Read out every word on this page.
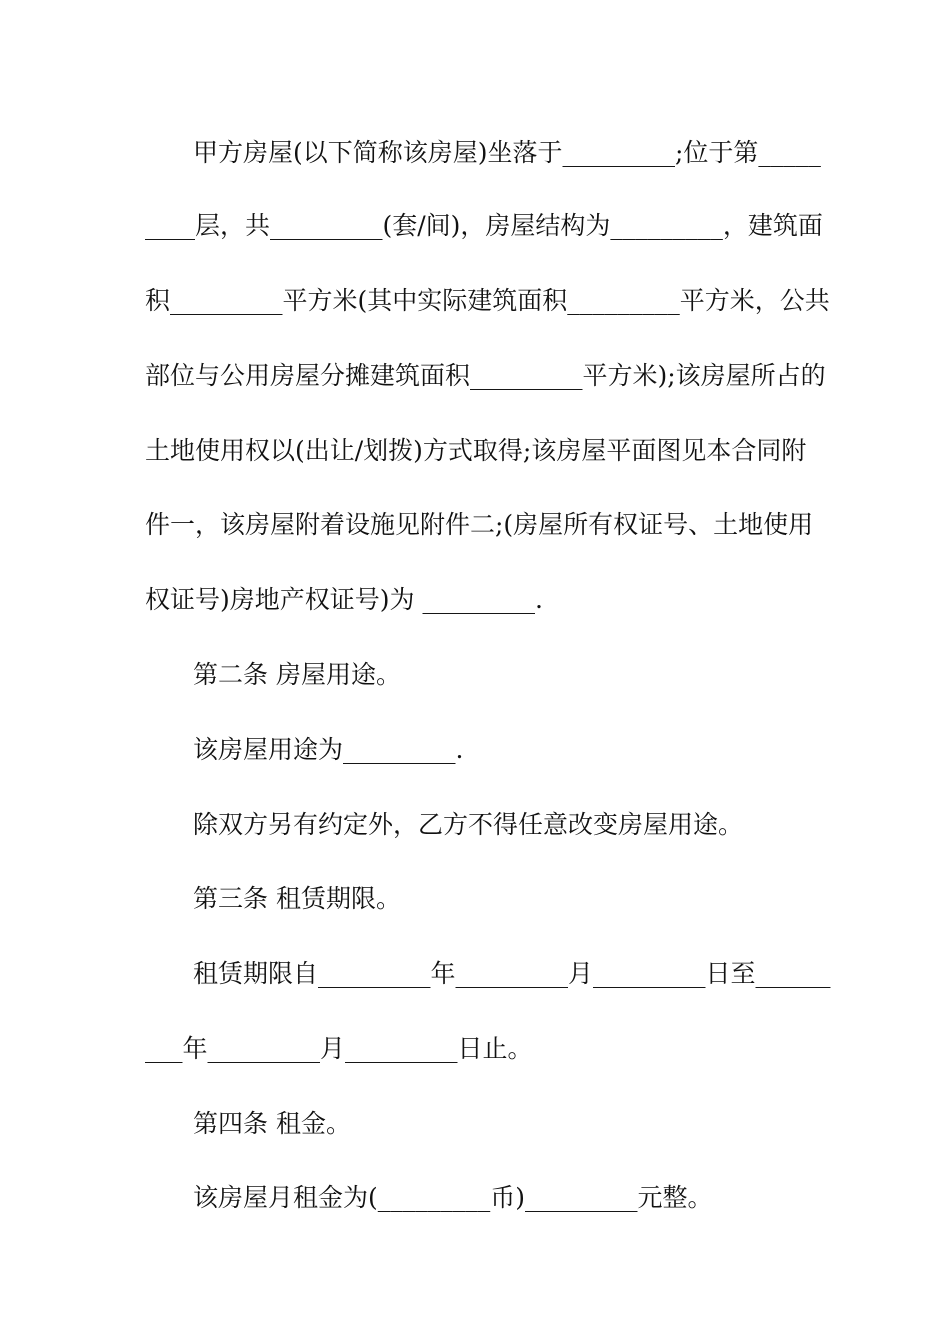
甲方房屋(以下简称该房屋)坐落于_________;位于第_____
____层，共_________(套/间)，房屋结构为_________，建筑面
积_________平方米(其中实际建筑面积_________平方米，公共
部位与公用房屋分摊建筑面积_________平方米);该房屋所占的
土地使用权以(出让/划拨)方式取得;该房屋平面图见本合同附
件一，该房屋附着设施见附件二;(房屋所有权证号、土地使用
权证号)房地产权证号)为 _________.
第二条 房屋用途。
该房屋用途为_________.
除双方另有约定外，乙方不得任意改变房屋用途。
第三条 租赁期限。
租赁期限自_________年_________月_________日至______
___年_________月_________日止。
第四条 租金。
该房屋月租金为(_________币)_________元整。
